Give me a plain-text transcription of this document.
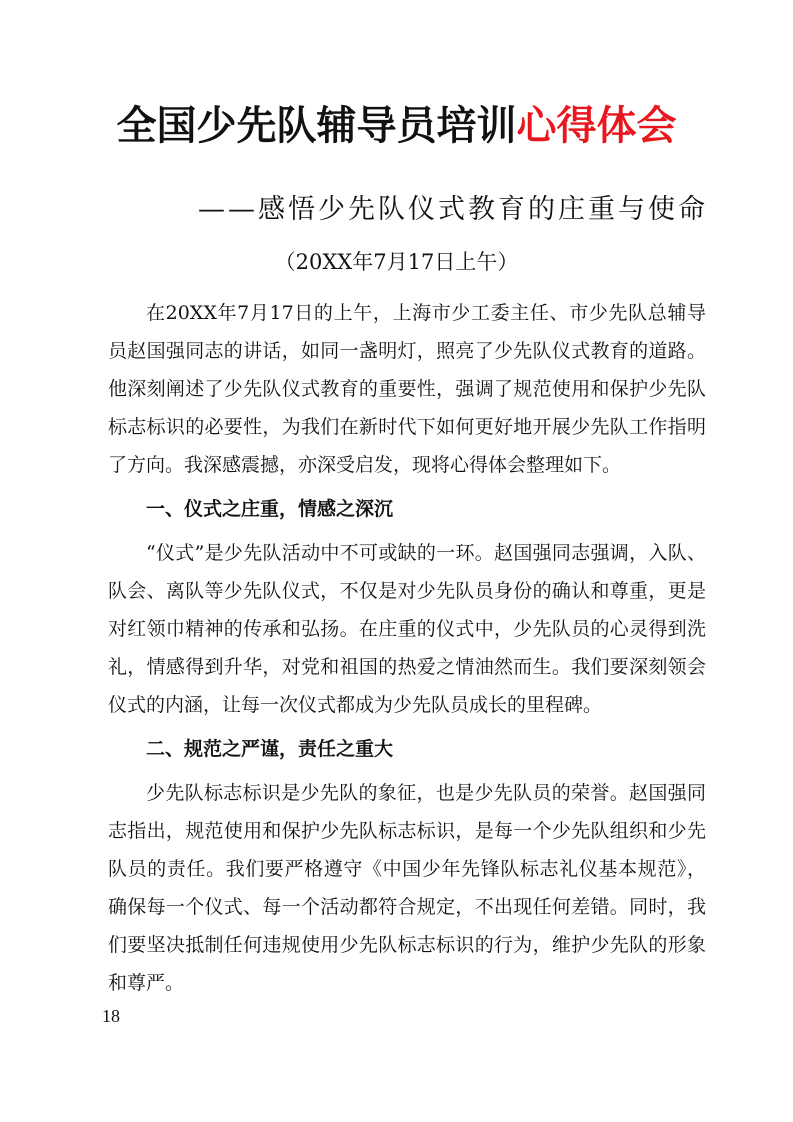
全国少先队辅导员培训心得体会
——感悟少先队仪式教育的庄重与使命
（20XX年7月17日上午）

在20XX年7月17日的上午，上海市少工委主任、市少先队总辅导员赵国强同志的讲话，如同一盏明灯，照亮了少先队仪式教育的道路。他深刻阐述了少先队仪式教育的重要性，强调了规范使用和保护少先队标志标识的必要性，为我们在新时代下如何更好地开展少先队工作指明了方向。我深感震撼，亦深受启发，现将心得体会整理如下。

一、仪式之庄重，情感之深沉

“仪式”是少先队活动中不可或缺的一环。赵国强同志强调，入队、队会、离队等少先队仪式，不仅是对少先队员身份的确认和尊重，更是对红领巾精神的传承和弘扬。在庄重的仪式中，少先队员的心灵得到洗礼，情感得到升华，对党和祖国的热爱之情油然而生。我们要深刻领会仪式的内涵，让每一次仪式都成为少先队员成长的里程碑。

二、规范之严谨，责任之重大

少先队标志标识是少先队的象征，也是少先队员的荣誉。赵国强同志指出，规范使用和保护少先队标志标识，是每一个少先队组织和少先队员的责任。我们要严格遵守《中国少年先锋队标志礼仪基本规范》，确保每一个仪式、每一个活动都符合规定，不出现任何差错。同时，我们要坚决抵制任何违规使用少先队标志标识的行为，维护少先队的形象和尊严。

18
